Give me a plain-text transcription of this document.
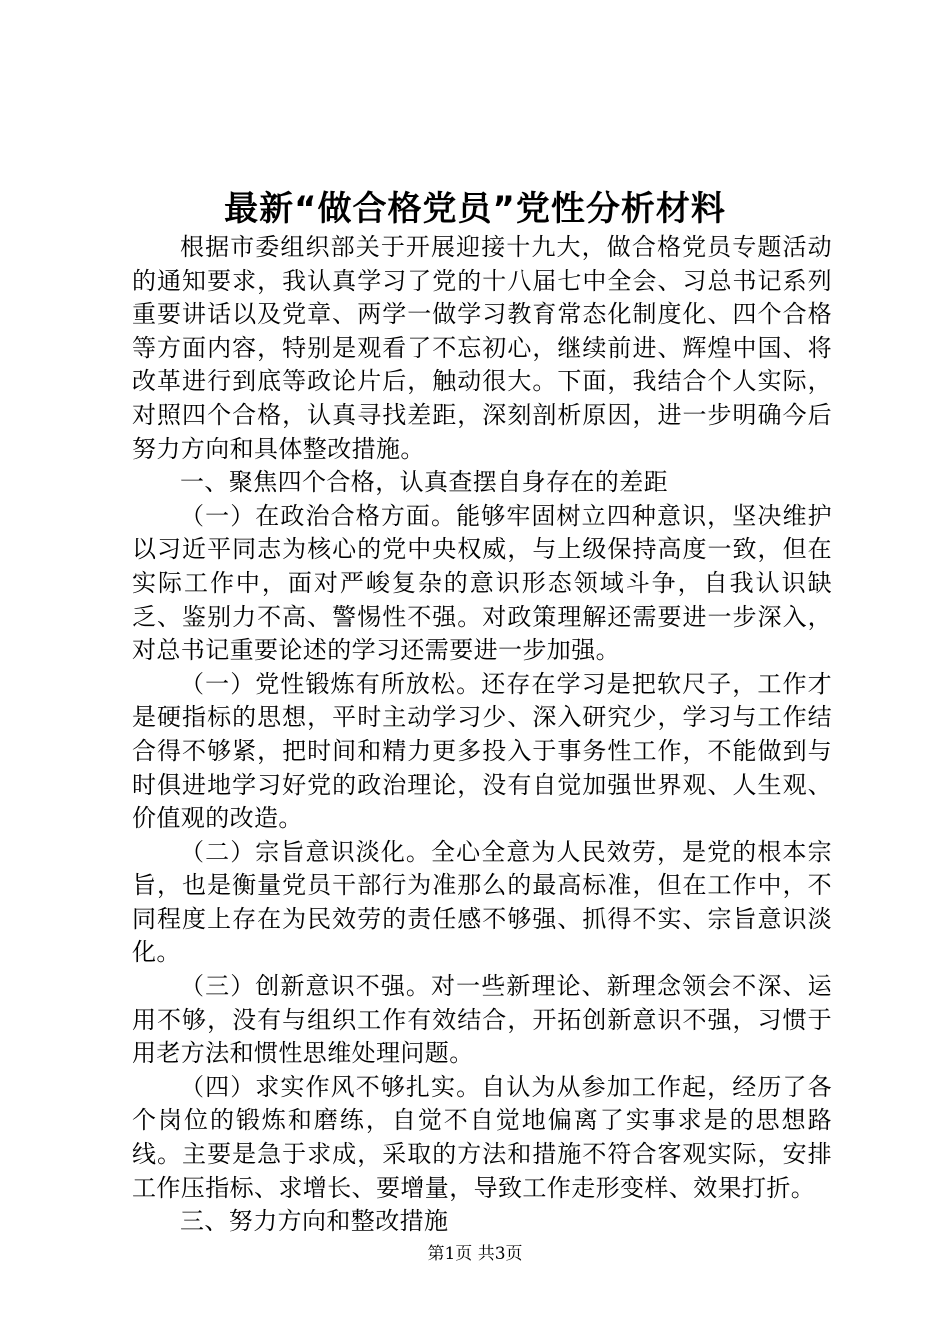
最新“做合格党员”党性分析材料

根据市委组织部关于开展迎接十九大，做合格党员专题活动的通知要求，我认真学习了党的十八届七中全会、习总书记系列重要讲话以及党章、两学一做学习教育常态化制度化、四个合格等方面内容，特别是观看了不忘初心，继续前进、辉煌中国、将改革进行到底等政论片后，触动很大。下面，我结合个人实际，对照四个合格，认真寻找差距，深刻剖析原因，进一步明确今后努力方向和具体整改措施。

一、聚焦四个合格，认真查摆自身存在的差距

（一）在政治合格方面。能够牢固树立四种意识，坚决维护以习近平同志为核心的党中央权威，与上级保持高度一致，但在实际工作中，面对严峻复杂的意识形态领域斗争，自我认识缺乏、鉴别力不高、警惕性不强。对政策理解还需要进一步深入，对总书记重要论述的学习还需要进一步加强。

（一）党性锻炼有所放松。还存在学习是把软尺子，工作才是硬指标的思想，平时主动学习少、深入研究少，学习与工作结合得不够紧，把时间和精力更多投入于事务性工作，不能做到与时俱进地学习好党的政治理论，没有自觉加强世界观、人生观、价值观的改造。

（二）宗旨意识淡化。全心全意为人民效劳，是党的根本宗旨，也是衡量党员干部行为准那么的最高标准，但在工作中，不同程度上存在为民效劳的责任感不够强、抓得不实、宗旨意识淡化。

（三）创新意识不强。对一些新理论、新理念领会不深、运用不够，没有与组织工作有效结合，开拓创新意识不强，习惯于用老方法和惯性思维处理问题。

（四）求实作风不够扎实。自认为从参加工作起，经历了各个岗位的锻炼和磨练，自觉不自觉地偏离了实事求是的思想路线。主要是急于求成，采取的方法和措施不符合客观实际，安排工作压指标、求增长、要增量，导致工作走形变样、效果打折。

三、努力方向和整改措施

第1页 共3页
